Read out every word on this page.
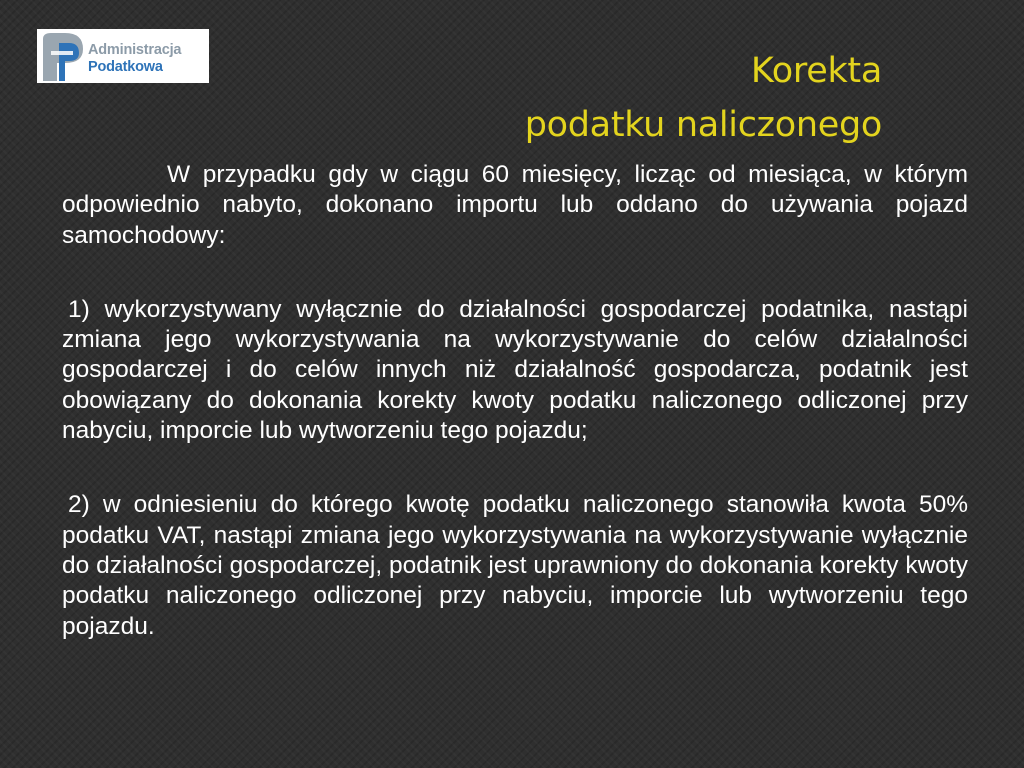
Administracja
Podatkowa	Korekta
podatku naliczonego

W przypadku gdy w ciągu 60 miesięcy, licząc od miesiąca, w którym odpowiednio nabyto, dokonano importu lub oddano do używania pojazd samochodowy:

1) wykorzystywany wyłącznie do działalności gospodarczej podatnika, nastąpi zmiana jego wykorzystywania na wykorzystywanie do celów działalności gospodarczej i do celów innych niż działalność gospodarcza, podatnik jest obowiązany do dokonania korekty kwoty podatku naliczonego odliczonej przy nabyciu, imporcie lub wytworzeniu tego pojazdu;

2) w odniesieniu do którego kwotę podatku naliczonego stanowiła kwota 50% podatku VAT, nastąpi zmiana jego wykorzystywania na wykorzystywanie wyłącznie do działalności gospodarczej, podatnik jest uprawniony do dokonania korekty kwoty podatku naliczonego odliczonej przy nabyciu, imporcie lub wytworzeniu tego pojazdu.
